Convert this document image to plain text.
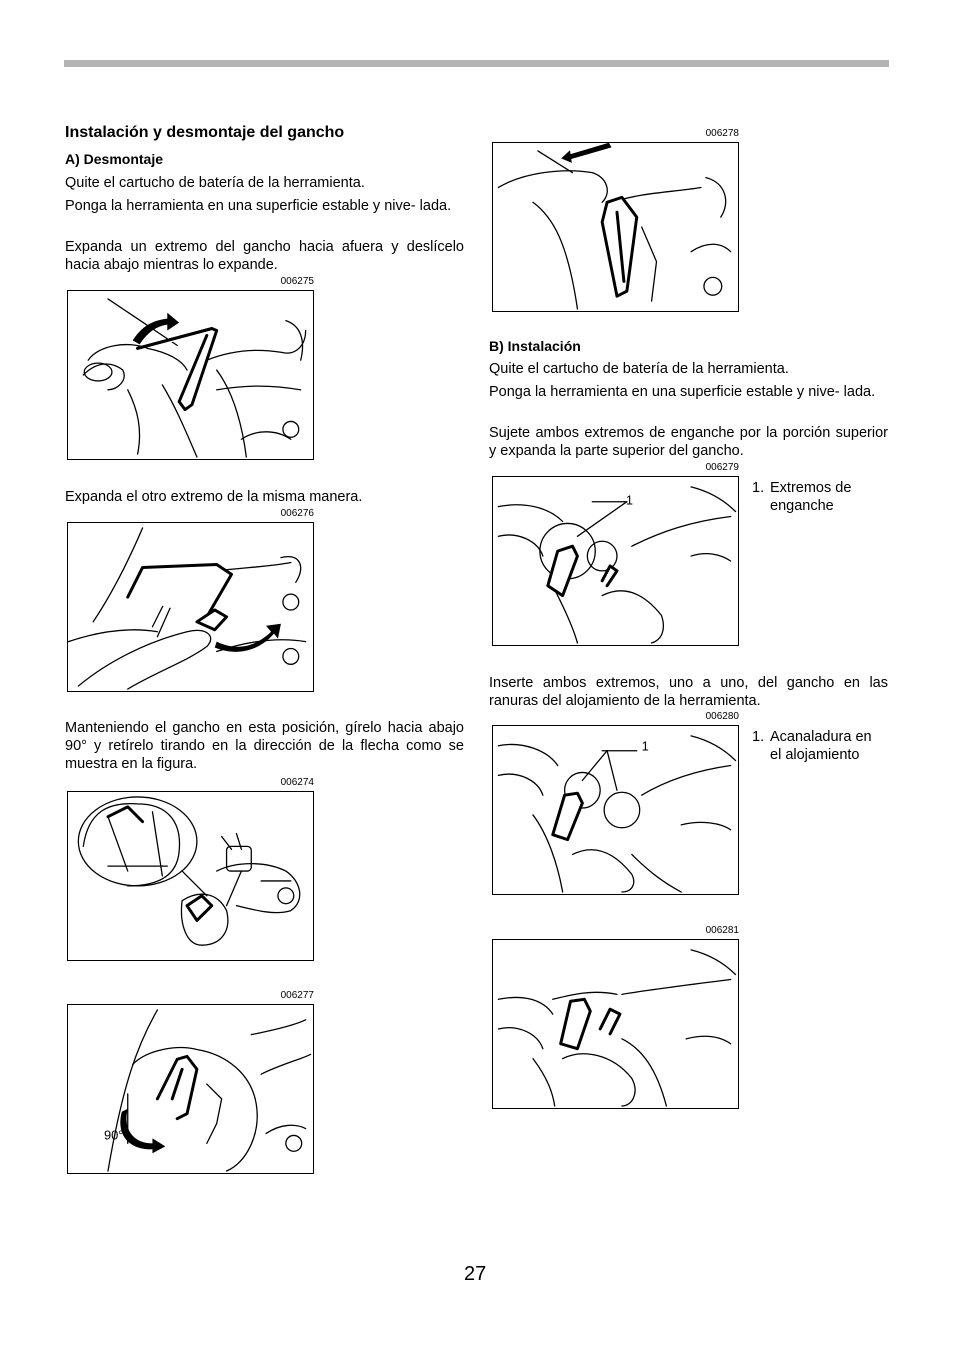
Instalación y desmontaje del gancho
A) Desmontaje

Quite el cartucho de batería de la herramienta.

Ponga la herramienta en una superficie estable y nive- lada.

Expanda un extremo del gancho hacia afuera y deslícelo hacia abajo mientras lo expande.

006275
Expanda el otro extremo de la misma manera.
006276

Manteniendo el gancho en esta posición, gírelo hacia abajo 90° y retírelo tirando en la dirección de la flecha como se muestra en la figura.

006274
006277
90°
006278
B) Instalación

Quite el cartucho de batería de la herramienta.

Ponga la herramienta en una superficie estable y nive- lada.

Sujete ambos extremos de enganche por la porción superior y expanda la parte superior del gancho.

006279
1
1. Extremos de
enganche

Inserte ambos extremos, uno a uno, del gancho en las ranuras del alojamiento de la herramienta.

006280
1
1. Acanaladura en
el alojamiento
006281
27
